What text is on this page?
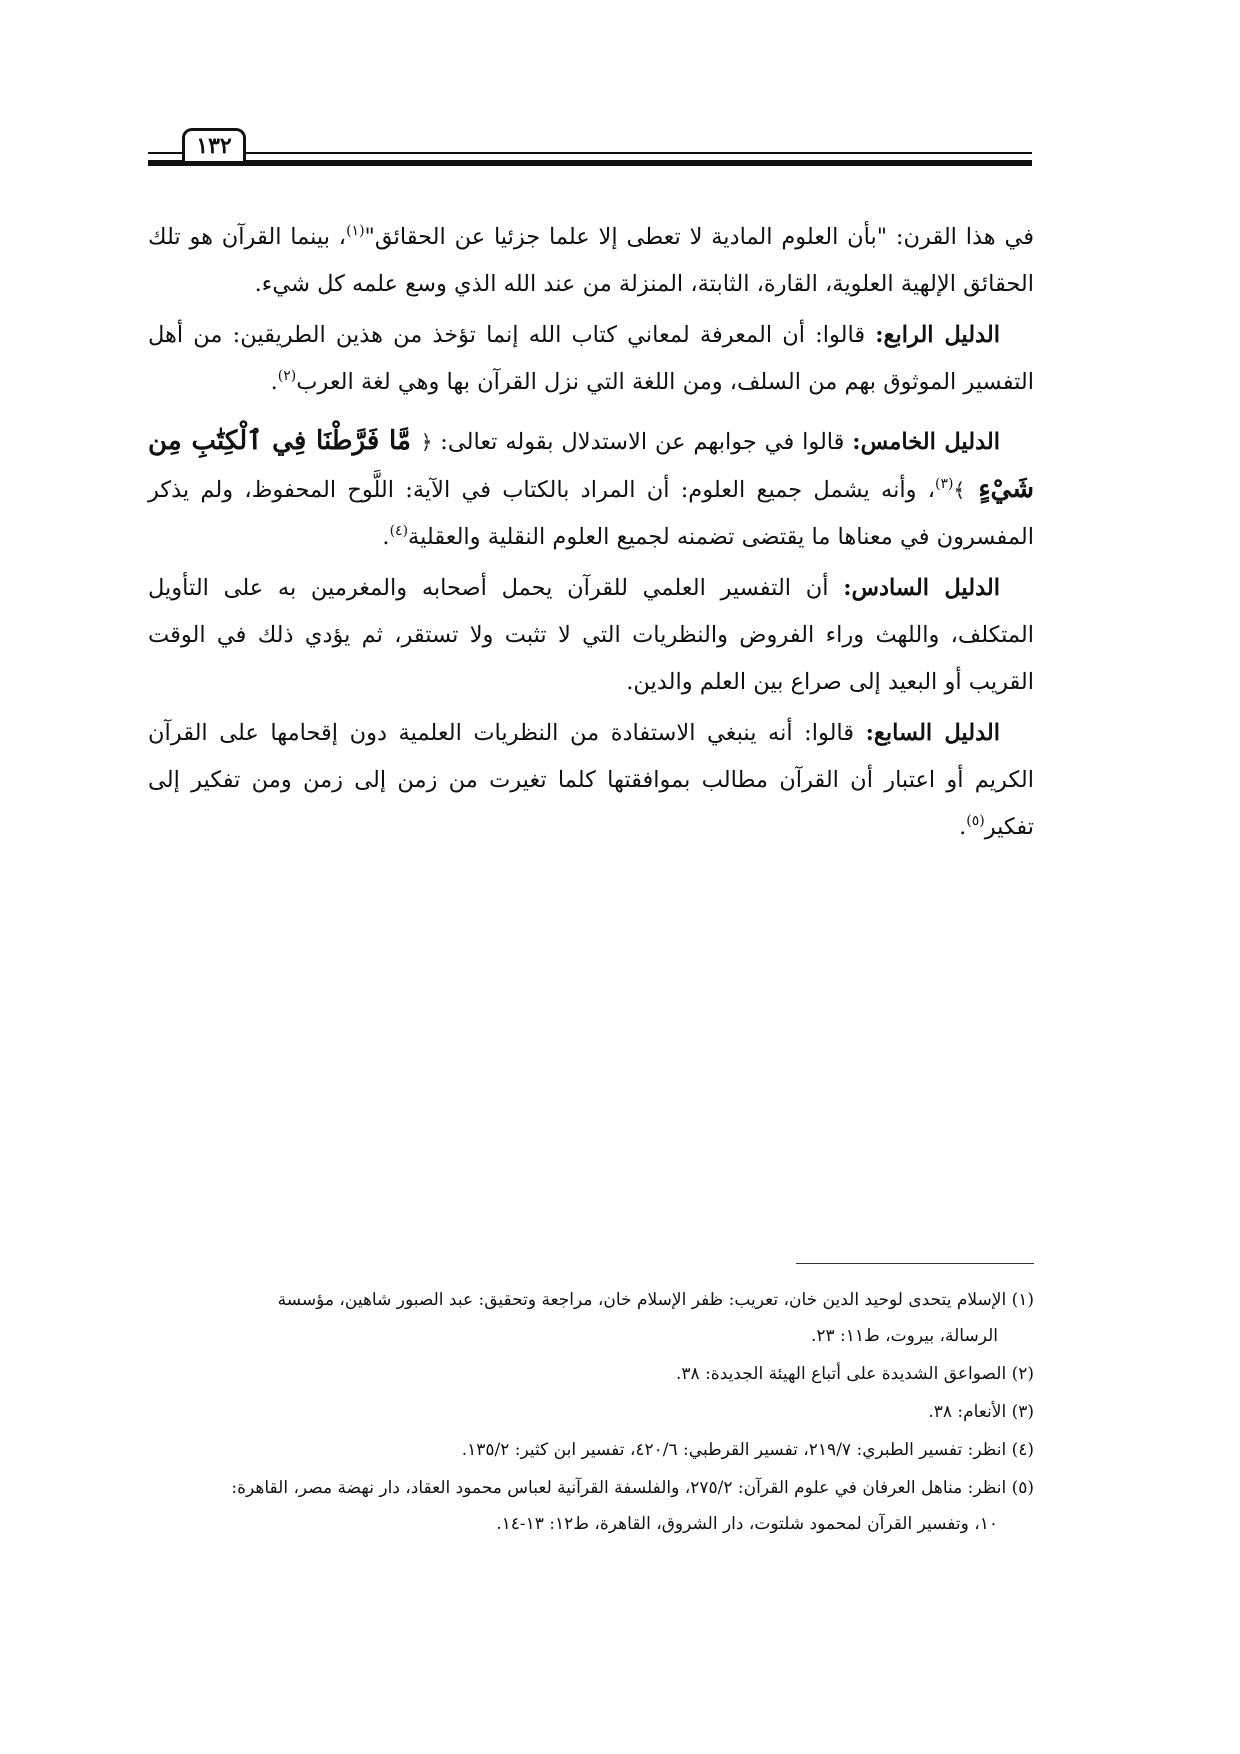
١٣٢

في هذا القرن: "بأن العلوم المادية لا تعطى إلا علما جزئيا عن الحقائق"$^{(١)}$، بينما القرآن هو تلك الحقائق الإلهية العلوية، القارة، الثابتة، المنزلة من عند الله الذي وسع علمه كل شيء.

الدليل الرابع: قالوا: أن المعرفة لمعاني كتاب الله إنما تؤخذ من هذين الطريقين: من أهل التفسير الموثوق بهم من السلف، ومن اللغة التي نزل القرآن بها وهي لغة العرب$^{(٢)}$.

الدليل الخامس: قالوا في جوابهم عن الاستدلال بقوله تعالى: ﴿ مَّا فَرَّطْنَا فِي ٱلْكِتَٰبِ مِن شَيْءٍ ﴾$^{(٣)}$، وأنه يشمل جميع العلوم: أن المراد بالكتاب في الآية: اللَّوح المحفوظ، ولم يذكر المفسرون في معناها ما يقتضى تضمنه لجميع العلوم النقلية والعقلية$^{(٤)}$.

الدليل السادس: أن التفسير العلمي للقرآن يحمل أصحابه والمغرمين به على التأويل المتكلف، واللهث وراء الفروض والنظريات التي لا تثبت ولا تستقر، ثم يؤدي ذلك في الوقت القريب أو البعيد إلى صراع بين العلم والدين.

الدليل السابع: قالوا: أنه ينبغي الاستفادة من النظريات العلمية دون إقحامها على القرآن الكريم أو اعتبار أن القرآن مطالب بموافقتها كلما تغيرت من زمن إلى زمن ومن تفكير إلى تفكير$^{(٥)}$.

(١) الإسلام يتحدى لوحيد الدين خان، تعريب: ظفر الإسلام خان، مراجعة وتحقيق: عبد الصبور شاهين، مؤسسة
الرسالة، بيروت، ط١١: ٢٣.
(٢) الصواعق الشديدة على أتباع الهيئة الجديدة: ٣٨.
(٣) الأنعام: ٣٨.
(٤) انظر: تفسير الطبري: ٢١٩/٧، تفسير القرطبي: ٤٢٠/٦، تفسير ابن كثير: ١٣٥/٢.
(٥) انظر: مناهل العرفان في علوم القرآن: ٢٧٥/٢، والفلسفة القرآنية لعباس محمود العقاد، دار نهضة مصر، القاهرة:
١٠، وتفسير القرآن لمحمود شلتوت، دار الشروق، القاهرة، ط١٢: ١٣-١٤.
